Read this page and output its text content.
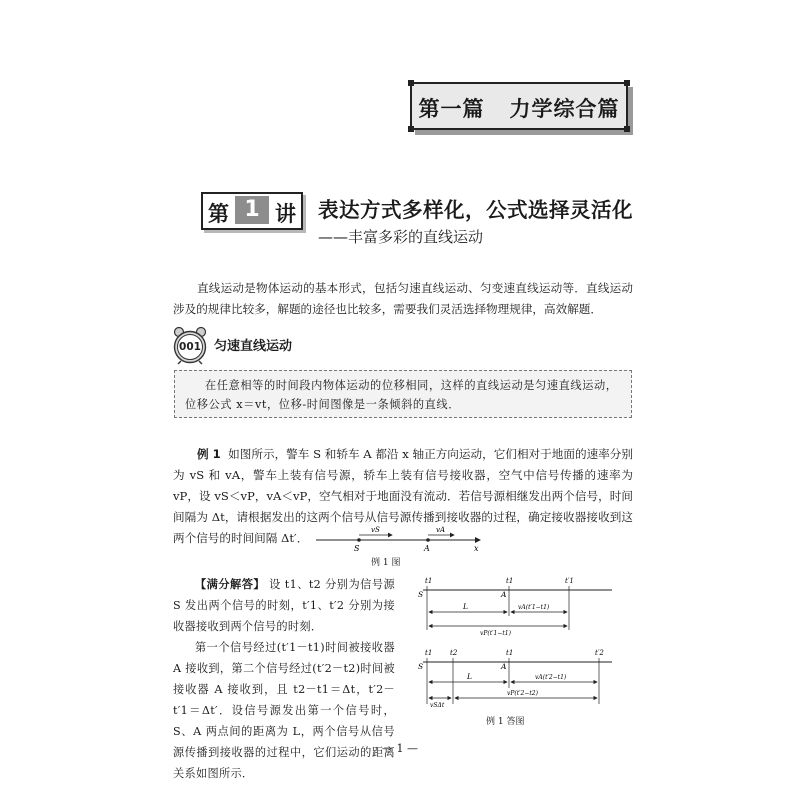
第一篇   力学综合篇
第 1 讲 表达方式多样化，公式选择灵活化
——丰富多彩的直线运动
直线运动是物体运动的基本形式，包括匀速直线运动、匀变速直线运动等．直线运动涉及的规律比较多，解题的途径也比较多，需要我们灵活选择物理规律，高效解题．
001 匀速直线运动
在任意相等的时间段内物体运动的位移相同，这样的直线运动是匀速直线运动，位移公式 x＝vt，位移-时间图像是一条倾斜的直线．
例 1 如图所示，警车 S 和轿车 A 都沿 x 轴正方向运动，它们相对于地面的速率分别为 vS 和 vA，警车上装有信号源，轿车上装有信号接收器，空气中信号传播的速率为 vP，设 vS＜vP，vA＜vP，空气相对于地面没有流动．若信号源相继发出两个信号，时间间隔为 Δt，请根据发出的这两个信号从信号源传播到接收器的过程，确定接收器接收到这两个信号的时间间隔 Δt′．
vS	vA
S	A	x
例 1 图

【满分解答】 设 t1、t2 分别为信号源 S 发出两个信号的时刻，t′1、t′2 分别为接收器接收到两个信号的时刻．

第一个信号经过(t′1－t1)时间被接收器 A 接收到，第二个信号经过(t′2－t2)时间被接收器 A 接收到，且 t2－t1＝Δt，t′2－t′1＝Δt′．设信号源发出第一个信号时，S、A 两点间的距离为 L，两个信号从信号源传播到接收器的过程中，它们运动的距离关系如图所示．

t1	t1	t′1
S	A
L	vA(t′1−t1)
vP(t′1−t1)
t1	t2	t1	t′2
S	A
L	vA(t′2−t1)
vSΔt
vP(t′2−t2)
例 1 答图
— 1 —
